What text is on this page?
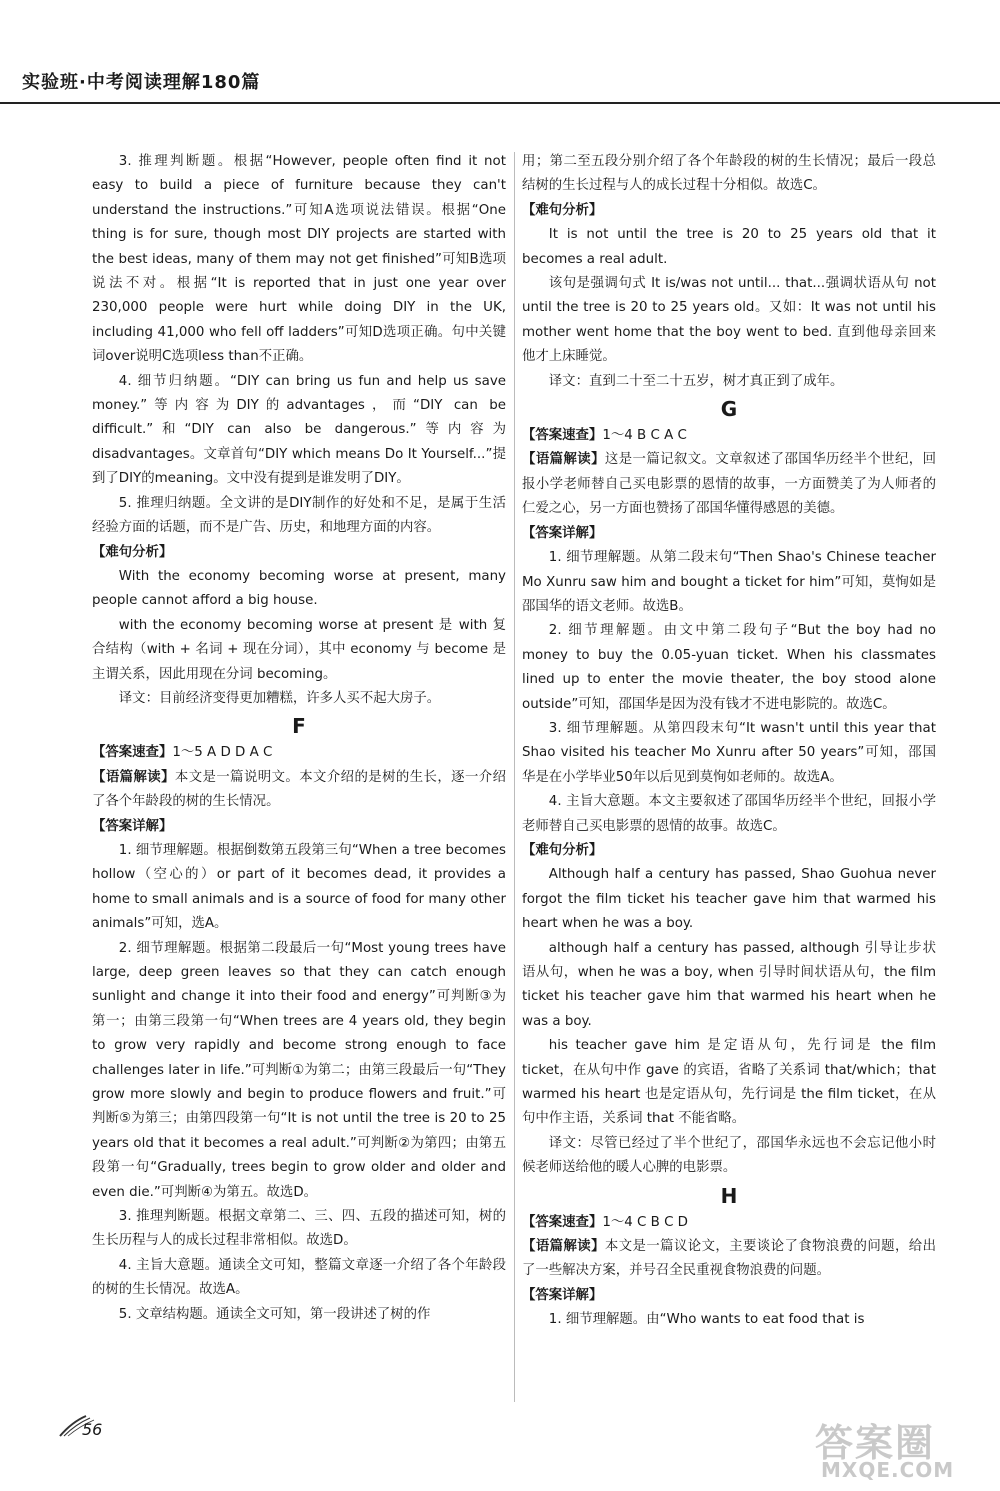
实验班·中考阅读理解180篇

3. 推理判断题。根据“However, people often find it not easy to build a piece of furniture because they can't understand the instructions.”可知A选项说法错误。根据“One thing is for sure, though most DIY projects are started with the best ideas, many of them may not get finished”可知B选项说法不对。根据“It is reported that in just one year over 230,000 people were hurt while doing DIY in the UK, including 41,000 who fell off ladders”可知D选项正确。句中关键词over说明C选项less than不正确。

4. 细节归纳题。“DIY can bring us fun and help us save money.”等内容为DIY的advantages，而“DIY can be difficult.”和“DIY can also be dangerous.”等内容为disadvantages。文章首句“DIY which means Do It Yourself...”提到了DIY的meaning。文中没有提到是谁发明了DIY。

5. 推理归纳题。全文讲的是DIY制作的好处和不足，是属于生活经验方面的话题，而不是广告、历史，和地理方面的内容。

【难句分析】

With the economy becoming worse at present, many people cannot afford a big house.

with the economy becoming worse at present 是 with 复合结构（with + 名词 + 现在分词），其中 economy 与 become 是主谓关系，因此用现在分词 becoming。

译文：目前经济变得更加糟糕，许多人买不起大房子。

F

【答案速查】1～5 A D D A C

【语篇解读】本文是一篇说明文。本文介绍的是树的生长，逐一介绍了各个年龄段的树的生长情况。

【答案详解】

1. 细节理解题。根据倒数第五段第三句“When a tree becomes hollow（空心的）or part of it becomes dead, it provides a home to small animals and is a source of food for many other animals”可知，选A。

2. 细节理解题。根据第二段最后一句“Most young trees have large, deep green leaves so that they can catch enough sunlight and change it into their food and energy”可判断③为第一；由第三段第一句“When trees are 4 years old, they begin to grow very rapidly and become strong enough to face challenges later in life.”可判断①为第二；由第三段最后一句“They grow more slowly and begin to produce flowers and fruit.”可判断⑤为第三；由第四段第一句“It is not until the tree is 20 to 25 years old that it becomes a real adult.”可判断②为第四；由第五段第一句“Gradually, trees begin to grow older and older and even die.”可判断④为第五。故选D。

3. 推理判断题。根据文章第二、三、四、五段的描述可知，树的生长历程与人的成长过程非常相似。故选D。

4. 主旨大意题。通读全文可知，整篇文章逐一介绍了各个年龄段的树的生长情况。故选A。

5. 文章结构题。通读全文可知，第一段讲述了树的作

用；第二至五段分别介绍了各个年龄段的树的生长情况；最后一段总结树的生长过程与人的成长过程十分相似。故选C。

【难句分析】

It is not until the tree is 20 to 25 years old that it becomes a real adult.

该句是强调句式 It is/was not until... that...强调状语从句 not until the tree is 20 to 25 years old。又如：It was not until his mother went home that the boy went to bed. 直到他母亲回来他才上床睡觉。

译文：直到二十至二十五岁，树才真正到了成年。

G

【答案速查】1～4 B C A C

【语篇解读】这是一篇记叙文。文章叙述了邵国华历经半个世纪，回报小学老师替自己买电影票的恩情的故事，一方面赞美了为人师者的仁爱之心，另一方面也赞扬了邵国华懂得感恩的美德。

【答案详解】

1. 细节理解题。从第二段末句“Then Shao's Chinese teacher Mo Xunru saw him and bought a ticket for him”可知，莫恂如是邵国华的语文老师。故选B。

2. 细节理解题。由文中第二段句子“But the boy had no money to buy the 0.05-yuan ticket. When his classmates lined up to enter the movie theater, the boy stood alone outside”可知，邵国华是因为没有钱才不进电影院的。故选C。

3. 细节理解题。从第四段末句“It wasn't until this year that Shao visited his teacher Mo Xunru after 50 years”可知，邵国华是在小学毕业50年以后见到莫恂如老师的。故选A。

4. 主旨大意题。本文主要叙述了邵国华历经半个世纪，回报小学老师替自己买电影票的恩情的故事。故选C。

【难句分析】

Although half a century has passed, Shao Guohua never forgot the film ticket his teacher gave him that warmed his heart when he was a boy.

although half a century has passed, although 引导让步状语从句，when he was a boy, when 引导时间状语从句，the film ticket his teacher gave him that warmed his heart when he was a boy.

his teacher gave him 是定语从句，先行词是 the film ticket，在从句中作 gave 的宾语，省略了关系词 that/which；that warmed his heart 也是定语从句，先行词是 the film ticket，在从句中作主语，关系词 that 不能省略。

译文：尽管已经过了半个世纪了，邵国华永远也不会忘记他小时候老师送给他的暖人心脾的电影票。

H

【答案速查】1～4 C B C D

【语篇解读】本文是一篇议论文，主要谈论了食物浪费的问题，给出了一些解决方案，并号召全民重视食物浪费的问题。

【答案详解】

1. 细节理解题。由“Who wants to eat food that is

56	答案圈
MXQE.COM
